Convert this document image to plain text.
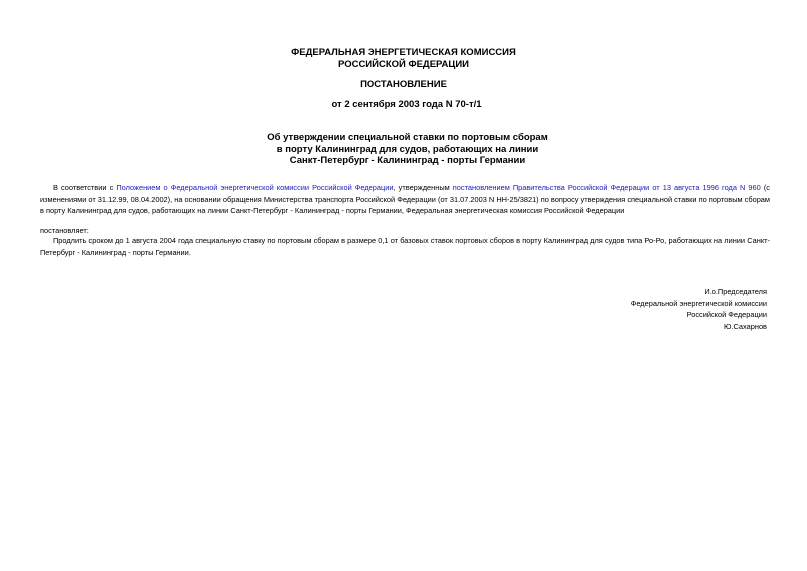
ФЕДЕРАЛЬНАЯ ЭНЕРГЕТИЧЕСКАЯ КОМИССИЯ
РОССИЙСКОЙ ФЕДЕРАЦИИ
ПОСТАНОВЛЕНИЕ
от 2 сентября 2003 года N 70-т/1
Об утверждении специальной ставки по портовым сборам
в порту Калининград для судов, работающих на линии
Санкт-Петербург - Калининград - порты Германии

В соответствии с Положением о Федеральной энергетической комиссии Российской Федерации, утвержденным постановлением Правительства Российской Федерации от 13 августа 1996 года N 960 (с изменениями от 31.12.99, 08.04.2002), на основании обращения Министерства транспорта Российской Федерации (от 31.07.2003 N НН-25/3821) по вопросу утверждения специальной ставки по портовым сборам в порту Калининград для судов, работающих на линии Санкт-Петербург - Калининград - порты Германии, Федеральная энергетическая комиссия Российской Федерации

постановляет:

Продлить сроком до 1 августа 2004 года специальную ставку по портовым сборам в размере 0,1 от базовых ставок портовых сборов в порту Калининград для судов типа Ро-Ро, работающих на линии Санкт-Петербург - Калининград - порты Германии.

И.о.Председателя
Федеральной энергетической комиссии
Российской Федерации
Ю.Сахарнов
